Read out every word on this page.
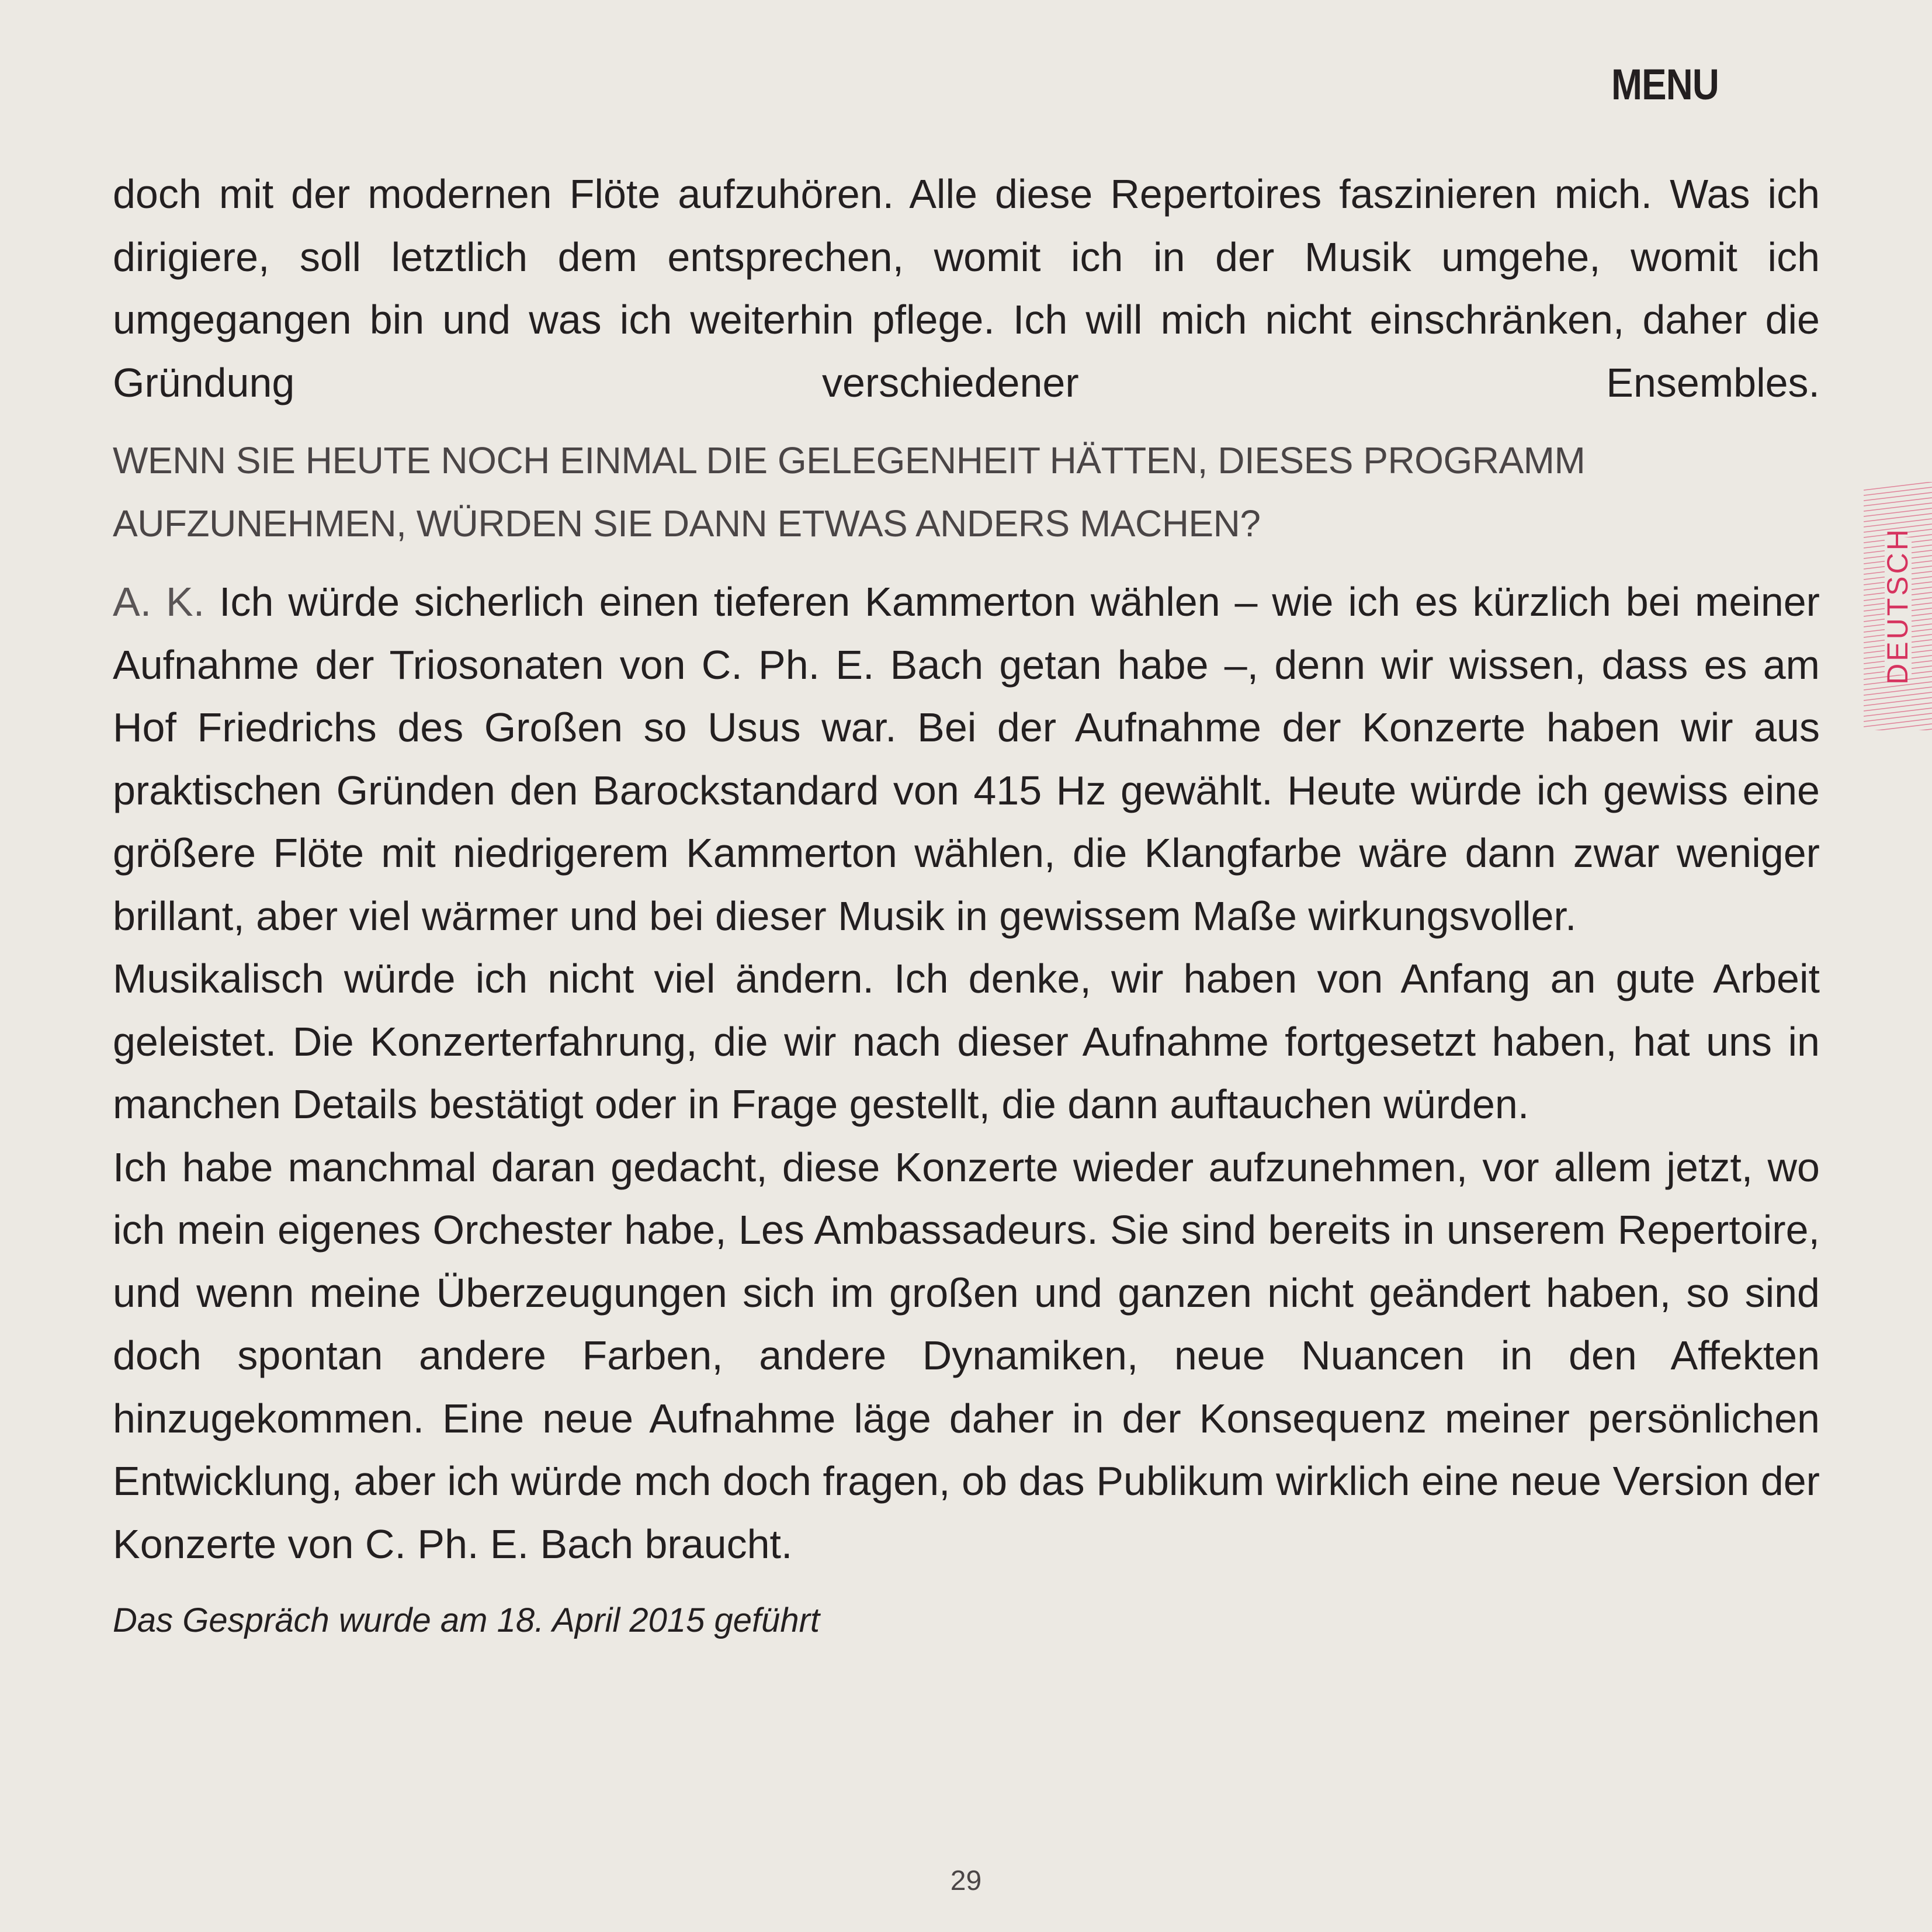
MENU
DEUTSCH

doch mit der modernen Flöte aufzuhören. Alle diese Repertoires faszinieren mich. Was ich dirigiere, soll letztlich dem entsprechen, womit ich in der Musik umgehe, womit ich umgegangen bin und was ich weiterhin pflege. Ich will mich nicht einschränken, daher die Gründung verschiedener Ensembles.

WENN SIE HEUTE NOCH EINMAL DIE GELEGENHEIT HÄTTEN, DIESES PROGRAMM AUFZUNEHMEN, WÜRDEN SIE DANN ETWAS ANDERS MACHEN?

A. K. Ich würde sicherlich einen tieferen Kammerton wählen – wie ich es kürzlich bei meiner Aufnahme der Triosonaten von C. Ph. E. Bach getan habe –, denn wir wissen, dass es am Hof Friedrichs des Großen so Usus war. Bei der Aufnahme der Konzerte haben wir aus praktischen Gründen den Barockstandard von 415 Hz gewählt. Heute würde ich gewiss eine größere Flöte mit niedrigerem Kammerton wählen, die Klangfarbe wäre dann zwar weniger brillant, aber viel wärmer und bei dieser Musik in gewissem Maße wirkungsvoller.

Musikalisch würde ich nicht viel ändern. Ich denke, wir haben von Anfang an gute Arbeit geleistet. Die Konzerterfahrung, die wir nach dieser Aufnahme fortgesetzt haben, hat uns in manchen Details bestätigt oder in Frage gestellt, die dann auftauchen würden.

Ich habe manchmal daran gedacht, diese Konzerte wieder aufzunehmen, vor allem jetzt, wo ich mein eigenes Orchester habe, Les Ambassadeurs. Sie sind bereits in unserem Repertoire, und wenn meine Überzeugungen sich im großen und ganzen nicht geändert haben, so sind doch spontan andere Farben, andere Dynamiken, neue Nuancen in den Affekten hinzugekommen. Eine neue Aufnahme läge daher in der Konsequenz meiner persönlichen Entwicklung, aber ich würde mch doch fragen, ob das Publikum wirklich eine neue Version der Konzerte von C. Ph. E. Bach braucht.

Das Gespräch wurde am 18. April 2015 geführt
29
